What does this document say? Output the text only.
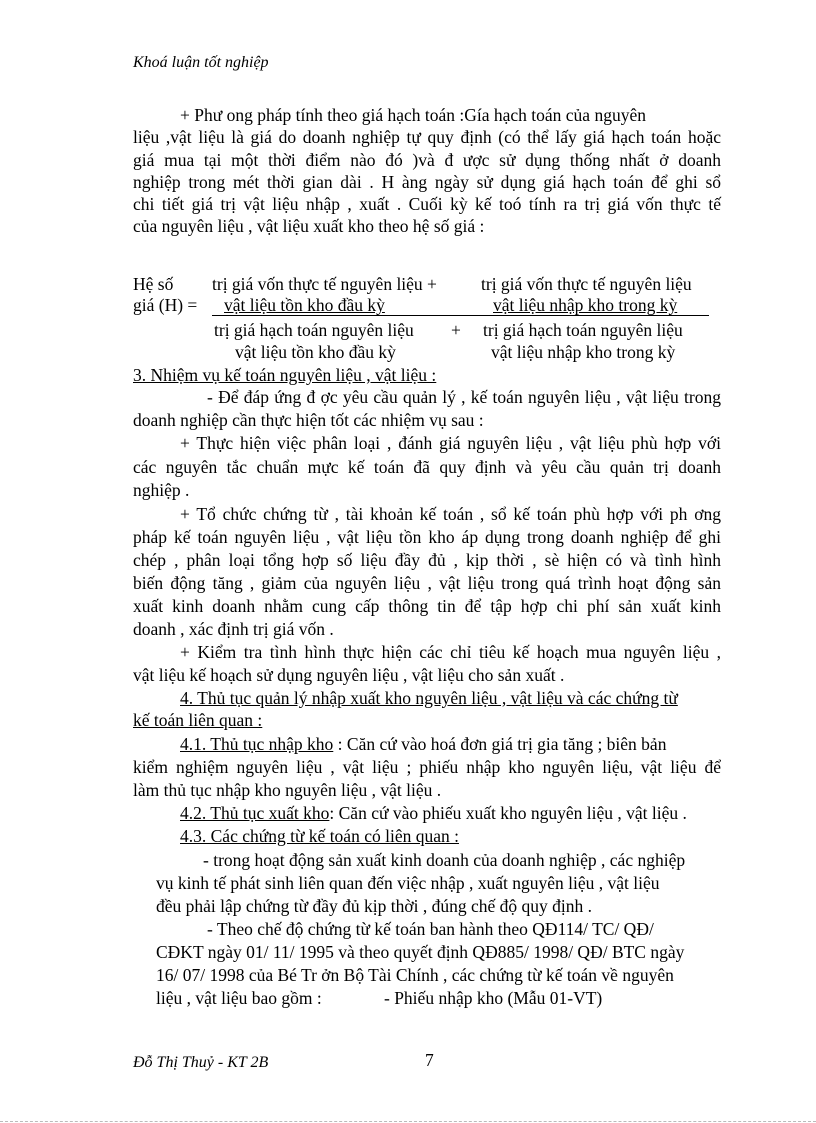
Khoá luận tốt nghiệp
+ Phư ong pháp tính theo giá hạch toán :Gía hạch toán của nguyên
liệu ,vật liệu là giá do doanh nghiệp tự quy định (có thể lấy giá hạch toán hoặc
giá mua tại một thời điểm nào đó )và đ ược sử dụng thống nhất ở doanh
nghiệp trong mét thời gian dài . H àng ngày sử dụng giá hạch toán để ghi sổ
chi tiết giá trị vật liệu nhập , xuất . Cuối kỳ kế toó tính ra trị giá vốn thực tế
của nguyên liệu , vật liệu xuất kho theo hệ số giá :
Hệ số
giá (H) =
trị giá vốn thực tế nguyên liệu +	trị giá vốn thực tế nguyên liệu
vật liệu tồn kho đầu kỳ	vật liệu nhập kho trong kỳ
trị giá hạch toán nguyên liệu + trị giá hạch toán nguyên liệu
vật liệu tồn kho đầu kỳ	vật liệu nhập kho trong kỳ
3. Nhiệm vụ kế toán nguyên liệu , vật liệu :
- Để đáp ứng đ ợc yêu cầu quản lý , kế toán nguyên liệu , vật liệu trong
doanh nghiệp cần thực hiện tốt các nhiệm vụ sau :
+ Thực hiện việc phân loại , đánh giá nguyên liệu , vật liệu phù hợp với
các nguyên tắc chuẩn mực kế toán đã quy định và yêu cầu quản trị doanh
nghiệp .
+ Tổ chức chứng từ , tài khoản kế toán , sổ kế toán phù hợp với ph ơng
pháp kế toán nguyên liệu , vật liệu tồn kho áp dụng trong doanh nghiệp để ghi
chép , phân loại tổng hợp số liệu đầy đủ , kịp thời , sè hiện có và tình hình
biến động tăng , giảm của nguyên liệu , vật liệu trong quá trình hoạt động sản
xuất kinh doanh nhằm cung cấp thông tin để tập hợp chi phí sản xuất kinh
doanh , xác định trị giá vốn .
+ Kiểm tra tình hình thực hiện các chỉ tiêu kế hoạch mua nguyên liệu ,
vật liệu kế hoạch sử dụng nguyên liệu , vật liệu cho sản xuất .
4. Thủ tục quản lý nhập xuất kho nguyên liệu , vật liệu và các chứng từ
kế toán liên quan :
4.1. Thủ tục nhập kho : Căn cứ vào hoá đơn giá trị gia tăng ; biên bản
kiểm nghiệm nguyên liệu , vật liệu ; phiếu nhập kho nguyên liệu, vật liệu để
làm thủ tục nhập kho nguyên liệu , vật liệu .
4.2. Thủ tục xuất kho: Căn cứ vào phiếu xuất kho nguyên liệu , vật liệu .
4.3. Các chứng từ kế toán có liên quan :
- trong hoạt động sản xuất kinh doanh của doanh nghiệp , các nghiệp
vụ kinh tế phát sinh liên quan đến việc nhập , xuất nguyên liệu , vật liệu
đều phải lập chứng từ đầy đủ kịp thời , đúng chế độ quy định .
- Theo chế độ chứng từ kế toán ban hành theo QĐ114/ TC/ QĐ/
CĐKT ngày 01/ 11/ 1995 và theo quyết định QĐ885/ 1998/ QĐ/ BTC ngày
16/ 07/ 1998 của Bé Tr ởn Bộ Tài Chính , các chứng từ kế toán về nguyên
liệu , vật liệu bao gồm :	- Phiếu nhập kho (Mẫu 01-VT)
Đỗ Thị Thuỷ - KT 2B	7
